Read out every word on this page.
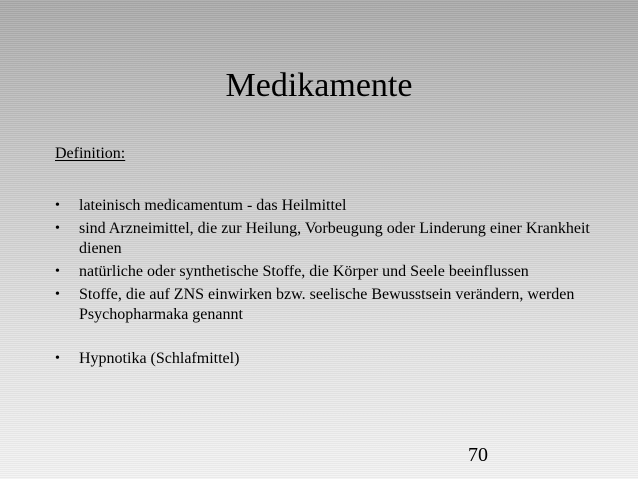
Medikamente
Definition:
• lateinisch medicamentum - das Heilmittel
• sind Arzneimittel, die zur Heilung, Vorbeugung oder Linderung einer Krankheit dienen
• natürliche oder synthetische Stoffe, die Körper und Seele beeinflussen
• Stoffe, die auf ZNS einwirken bzw. seelische Bewusstsein verändern, werden Psychopharmaka genannt
• Hypnotika (Schlafmittel)
70
